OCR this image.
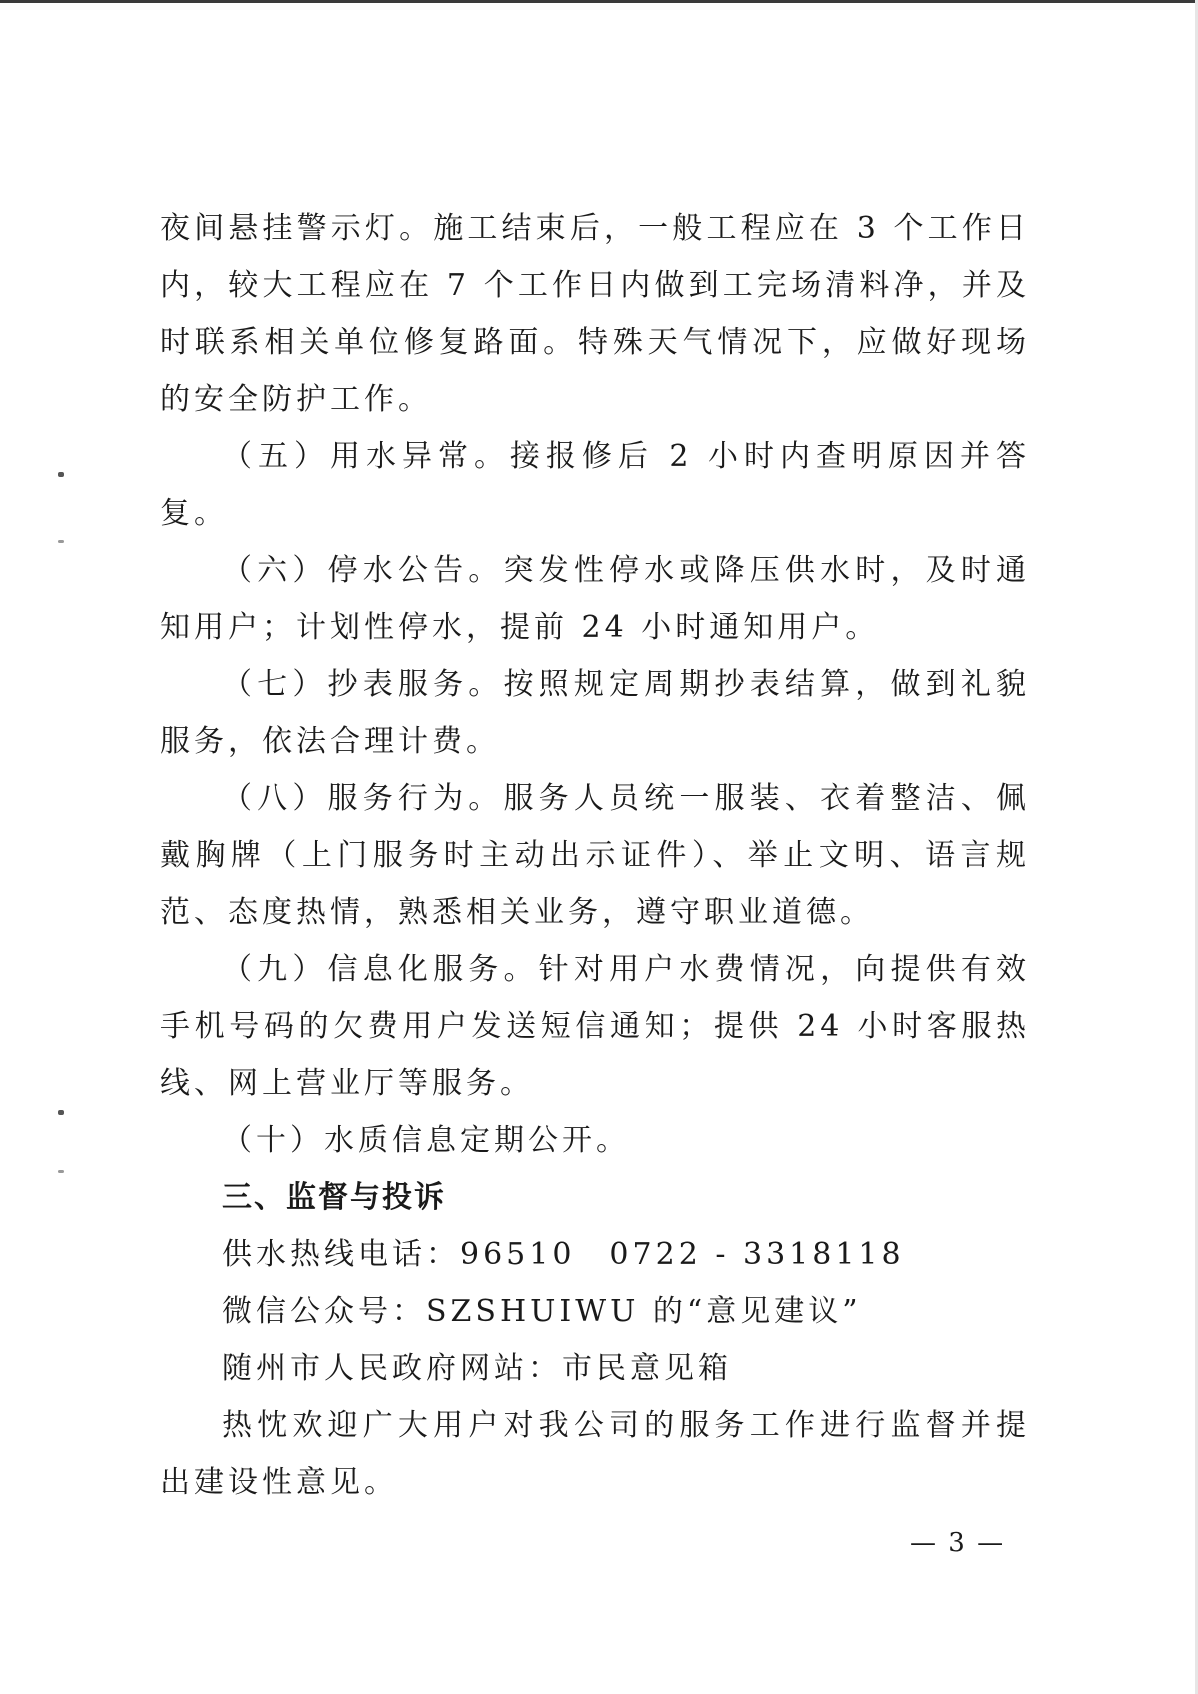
夜间悬挂警示灯。施工结束后，一般工程应在 3 个工作日内，较大工程应在 7 个工作日内做到工完场清料净，并及时联系相关单位修复路面。特殊天气情况下，应做好现场的安全防护工作。

（五）用水异常。接报修后 2 小时内查明原因并答复。

（六）停水公告。突发性停水或降压供水时，及时通知用户；计划性停水，提前 24 小时通知用户。

（七）抄表服务。按照规定周期抄表结算，做到礼貌服务，依法合理计费。

（八）服务行为。服务人员统一服装、衣着整洁、佩戴胸牌（上门服务时主动出示证件）、举止文明、语言规范、态度热情，熟悉相关业务，遵守职业道德。

（九）信息化服务。针对用户水费情况，向提供有效手机号码的欠费用户发送短信通知；提供 24 小时客服热线、网上营业厅等服务。

（十）水质信息定期公开。

三、监督与投诉

供水热线电话：96510　0722 - 3318118

微信公众号：SZSHUIWU 的“意见建议”

随州市人民政府网站：市民意见箱

热忱欢迎广大用户对我公司的服务工作进行监督并提出建设性意见。

— 3 —
